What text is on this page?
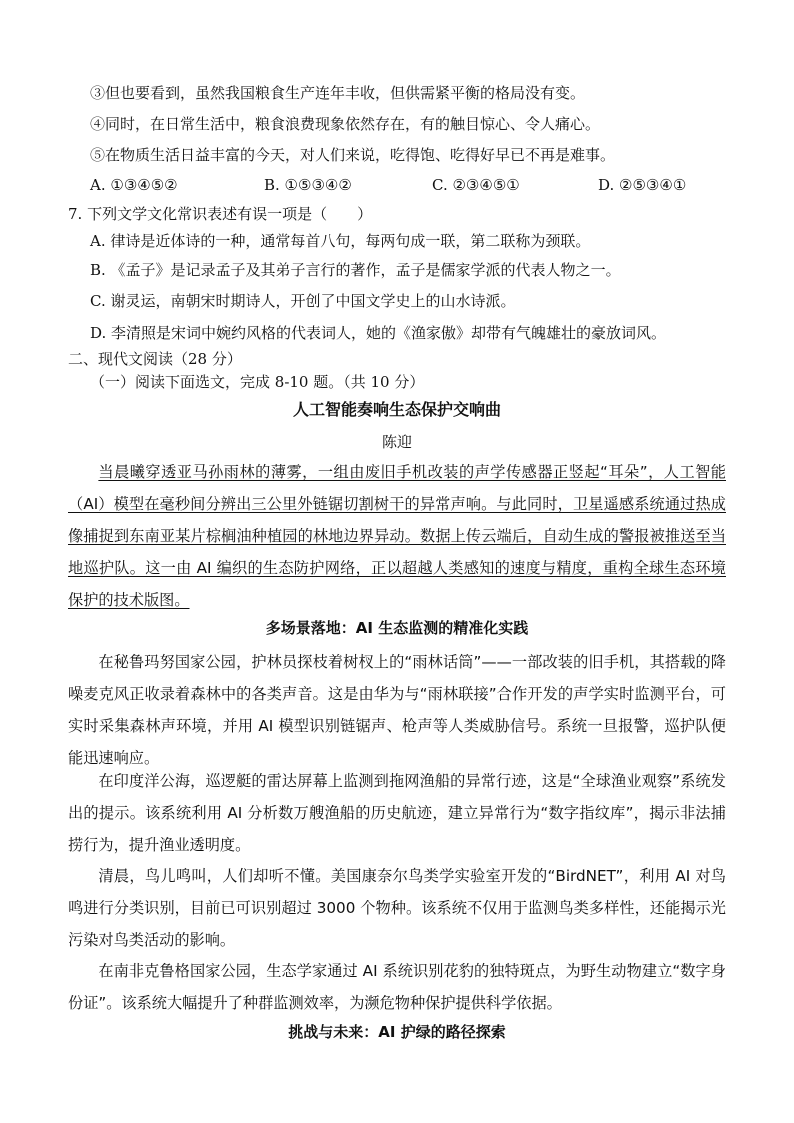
③但也要看到，虽然我国粮食生产连年丰收，但供需紧平衡的格局没有变。
④同时，在日常生活中，粮食浪费现象依然存在，有的触目惊心、令人痛心。
⑤在物质生活日益丰富的今天，对人们来说，吃得饱、吃得好早已不再是难事。
A. ①③④⑤②	B. ①⑤③④②	C. ②③④⑤①	D. ②⑤③④①
7. 下列文学文化常识表述有误一项是（　　）
A. 律诗是近体诗的一种，通常每首八句，每两句成一联，第二联称为颈联。
B. 《孟子》是记录孟子及其弟子言行的著作，孟子是儒家学派的代表人物之一。
C. 谢灵运，南朝宋时期诗人，开创了中国文学史上的山水诗派。
D. 李清照是宋词中婉约风格的代表词人，她的《渔家傲》却带有气魄雄壮的豪放词风。
二、现代文阅读（28 分）
（一）阅读下面选文，完成 8-10 题。（共 10 分）
人工智能奏响生态保护交响曲
陈迎
当晨曦穿透亚马孙雨林的薄雾，一组由废旧手机改装的声学传感器正竖起“耳朵”，人工智能（AI）模型在毫秒间分辨出三公里外链锯切割树干的异常声响。与此同时，卫星遥感系统通过热成像捕捉到东南亚某片棕榈油种植园的林地边界异动。数据上传云端后，自动生成的警报被推送至当地巡护队。这一由 AI 编织的生态防护网络，正以超越人类感知的速度与精度，重构全球生态环境保护的技术版图。
多场景落地：AI 生态监测的精准化实践
在秘鲁玛努国家公园，护林员探枝着树杈上的“雨林话筒”——一部改装的旧手机，其搭载的降噪麦克风正收录着森林中的各类声音。这是由华为与“雨林联接”合作开发的声学实时监测平台，可实时采集森林声环境，并用 AI 模型识别链锯声、枪声等人类威胁信号。系统一旦报警，巡护队便能迅速响应。
在印度洋公海，巡逻艇的雷达屏幕上监测到拖网渔船的异常行迹，这是“全球渔业观察”系统发出的提示。该系统利用 AI 分析数万艘渔船的历史航迹，建立异常行为“数字指纹库”，揭示非法捕捞行为，提升渔业透明度。
清晨，鸟儿鸣叫，人们却听不懂。美国康奈尔鸟类学实验室开发的“BirdNET”，利用 AI 对鸟鸣进行分类识别，目前已可识别超过 3000 个物种。该系统不仅用于监测鸟类多样性，还能揭示光污染对鸟类活动的影响。
在南非克鲁格国家公园，生态学家通过 AI 系统识别花豹的独特斑点，为野生动物建立“数字身份证”。该系统大幅提升了种群监测效率，为濒危物种保护提供科学依据。
挑战与未来：AI 护绿的路径探索
